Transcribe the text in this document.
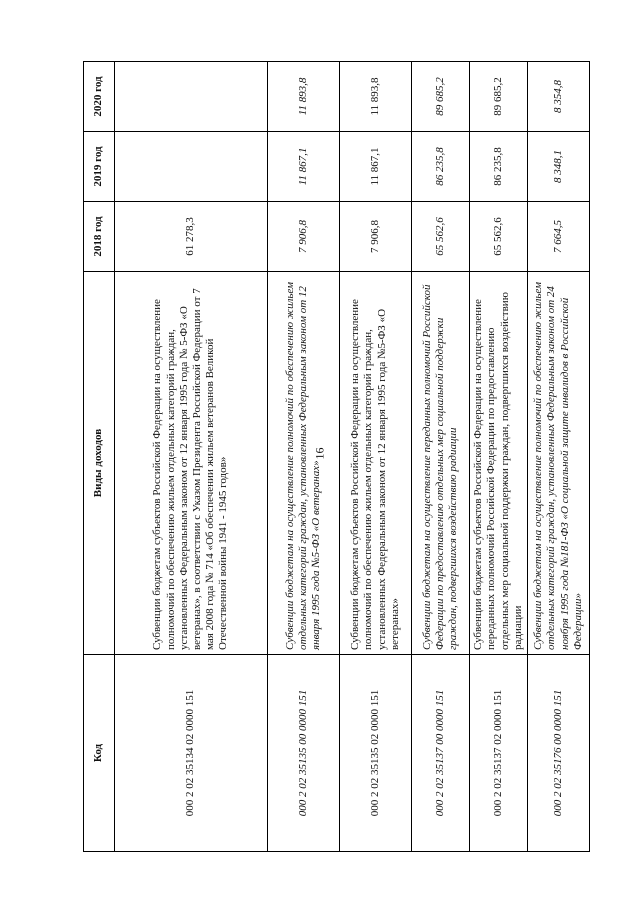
16
Код	Виды доходов	2018 год	2019 год	2020 год
000 2 02 35134 02 0000 151	Субвенции бюджетам субъектов Российской Федерации на осуществление полномочий по обеспечению жильем отдельных категорий граждан, установленных Федеральным законом от 12 января 1995 года № 5-ФЗ «О ветеранах», в соответствии с Указом Президента Российской Федерации от 7 мая 2008 года № 714 «Об обеспечении жильем ветеранов Великой Отечественной войны 1941 - 1945 годов»	61 278,3		
000 2 02 35135 00 0000 151	Субвенции бюджетам на осуществление полномочий по обеспечению жильем отдельных категорий граждан, установленных Федеральным законом от 12 января 1995 года №5-ФЗ «О ветеранах»	7 906,8	11 867,1	11 893,8
000 2 02 35135 02 0000 151	Субвенции бюджетам субъектов Российской Федерации на осуществление полномочий по обеспечению жильем отдельных категорий граждан, установленных Федеральным законом от 12 января 1995 года №5-ФЗ «О ветеранах»	7 906,8	11 867,1	11 893,8
000 2 02 35137 00 0000 151	Субвенции бюджетам на осуществление переданных полномочий Российской Федерации по предоставлению отдельных мер социальной поддержки граждан, подвергшихся воздействию радиации	65 562,6	86 235,8	89 685,2
000 2 02 35137 02 0000 151	Субвенции бюджетам субъектов Российской Федерации на осуществление переданных полномочий Российской Федерации по предоставлению отдельных мер социальной поддержки граждан, подвергшихся воздействию радиации	65 562,6	86 235,8	89 685,2
000 2 02 35176 00 0000 151	Субвенции бюджетам на осуществление полномочий по обеспечению жильем отдельных категорий граждан, установленных Федеральным законом от 24 ноября 1995 года №181-ФЗ «О социальной защите инвалидов в Российской Федерации»	7 664,5	8 348,1	8 354,8
